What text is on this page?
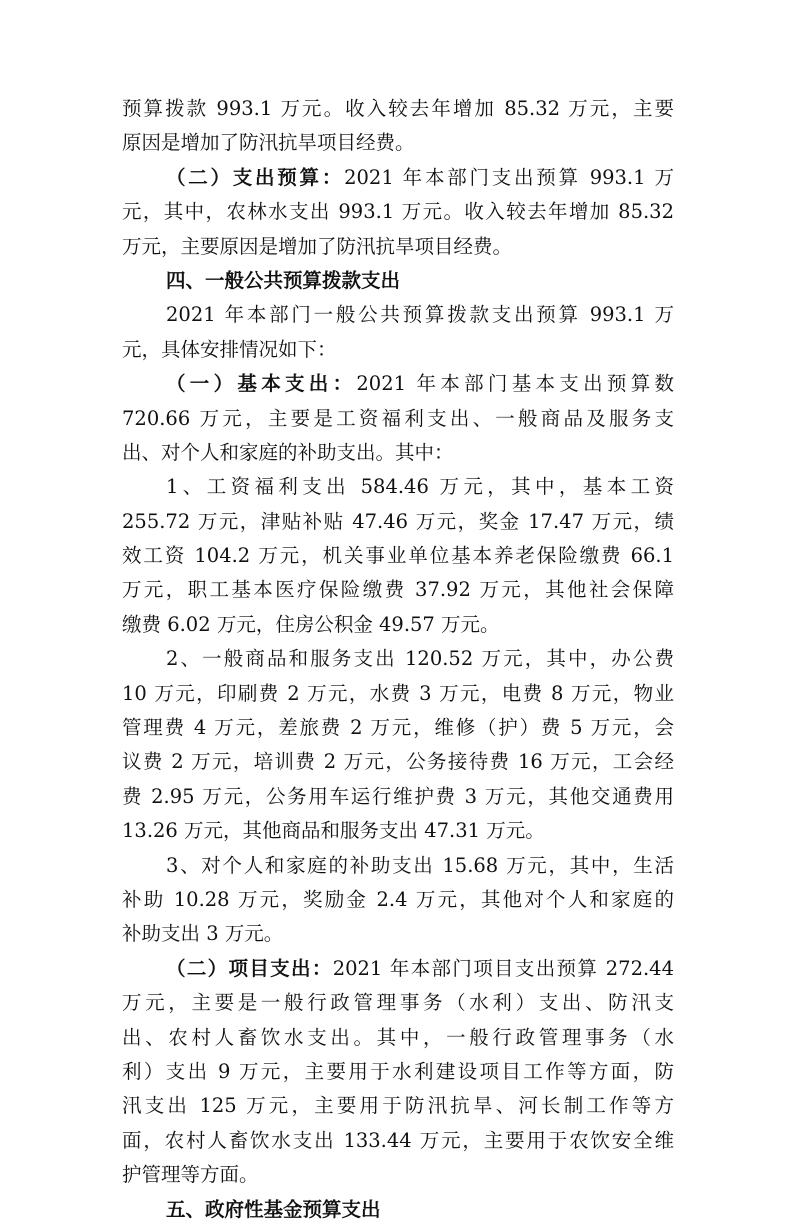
预算拨款 993.1 万元。收入较去年增加 85.32 万元，主要
原因是增加了防汛抗旱项目经费。
（二）支出预算：2021 年本部门支出预算 993.1 万
元，其中，农林水支出 993.1 万元。收入较去年增加 85.32
万元，主要原因是增加了防汛抗旱项目经费。
四、一般公共预算拨款支出
2021 年本部门一般公共预算拨款支出预算 993.1 万
元，具体安排情况如下：
（一）基本支出：2021 年本部门基本支出预算数
720.66 万元，主要是工资福利支出、一般商品及服务支
出、对个人和家庭的补助支出。其中：
1、工资福利支出 584.46 万元，其中，基本工资
255.72 万元，津贴补贴 47.46 万元，奖金 17.47 万元，绩
效工资 104.2 万元，机关事业单位基本养老保险缴费 66.1
万元，职工基本医疗保险缴费 37.92 万元，其他社会保障
缴费 6.02 万元，住房公积金 49.57 万元。
2、一般商品和服务支出 120.52 万元，其中，办公费
10 万元，印刷费 2 万元，水费 3 万元，电费 8 万元，物业
管理费 4 万元，差旅费 2 万元，维修（护）费 5 万元，会
议费 2 万元，培训费 2 万元，公务接待费 16 万元，工会经
费 2.95 万元，公务用车运行维护费 3 万元，其他交通费用
13.26 万元，其他商品和服务支出 47.31 万元。
3、对个人和家庭的补助支出 15.68 万元，其中，生活
补助 10.28 万元，奖励金 2.4 万元，其他对个人和家庭的
补助支出 3 万元。
（二）项目支出：2021 年本部门项目支出预算 272.44
万元，主要是一般行政管理事务（水利）支出、防汛支
出、农村人畜饮水支出。其中，一般行政管理事务（水
利）支出 9 万元，主要用于水利建设项目工作等方面，防
汛支出 125 万元，主要用于防汛抗旱、河长制工作等方
面，农村人畜饮水支出 133.44 万元，主要用于农饮安全维
护管理等方面。
五、政府性基金预算支出
